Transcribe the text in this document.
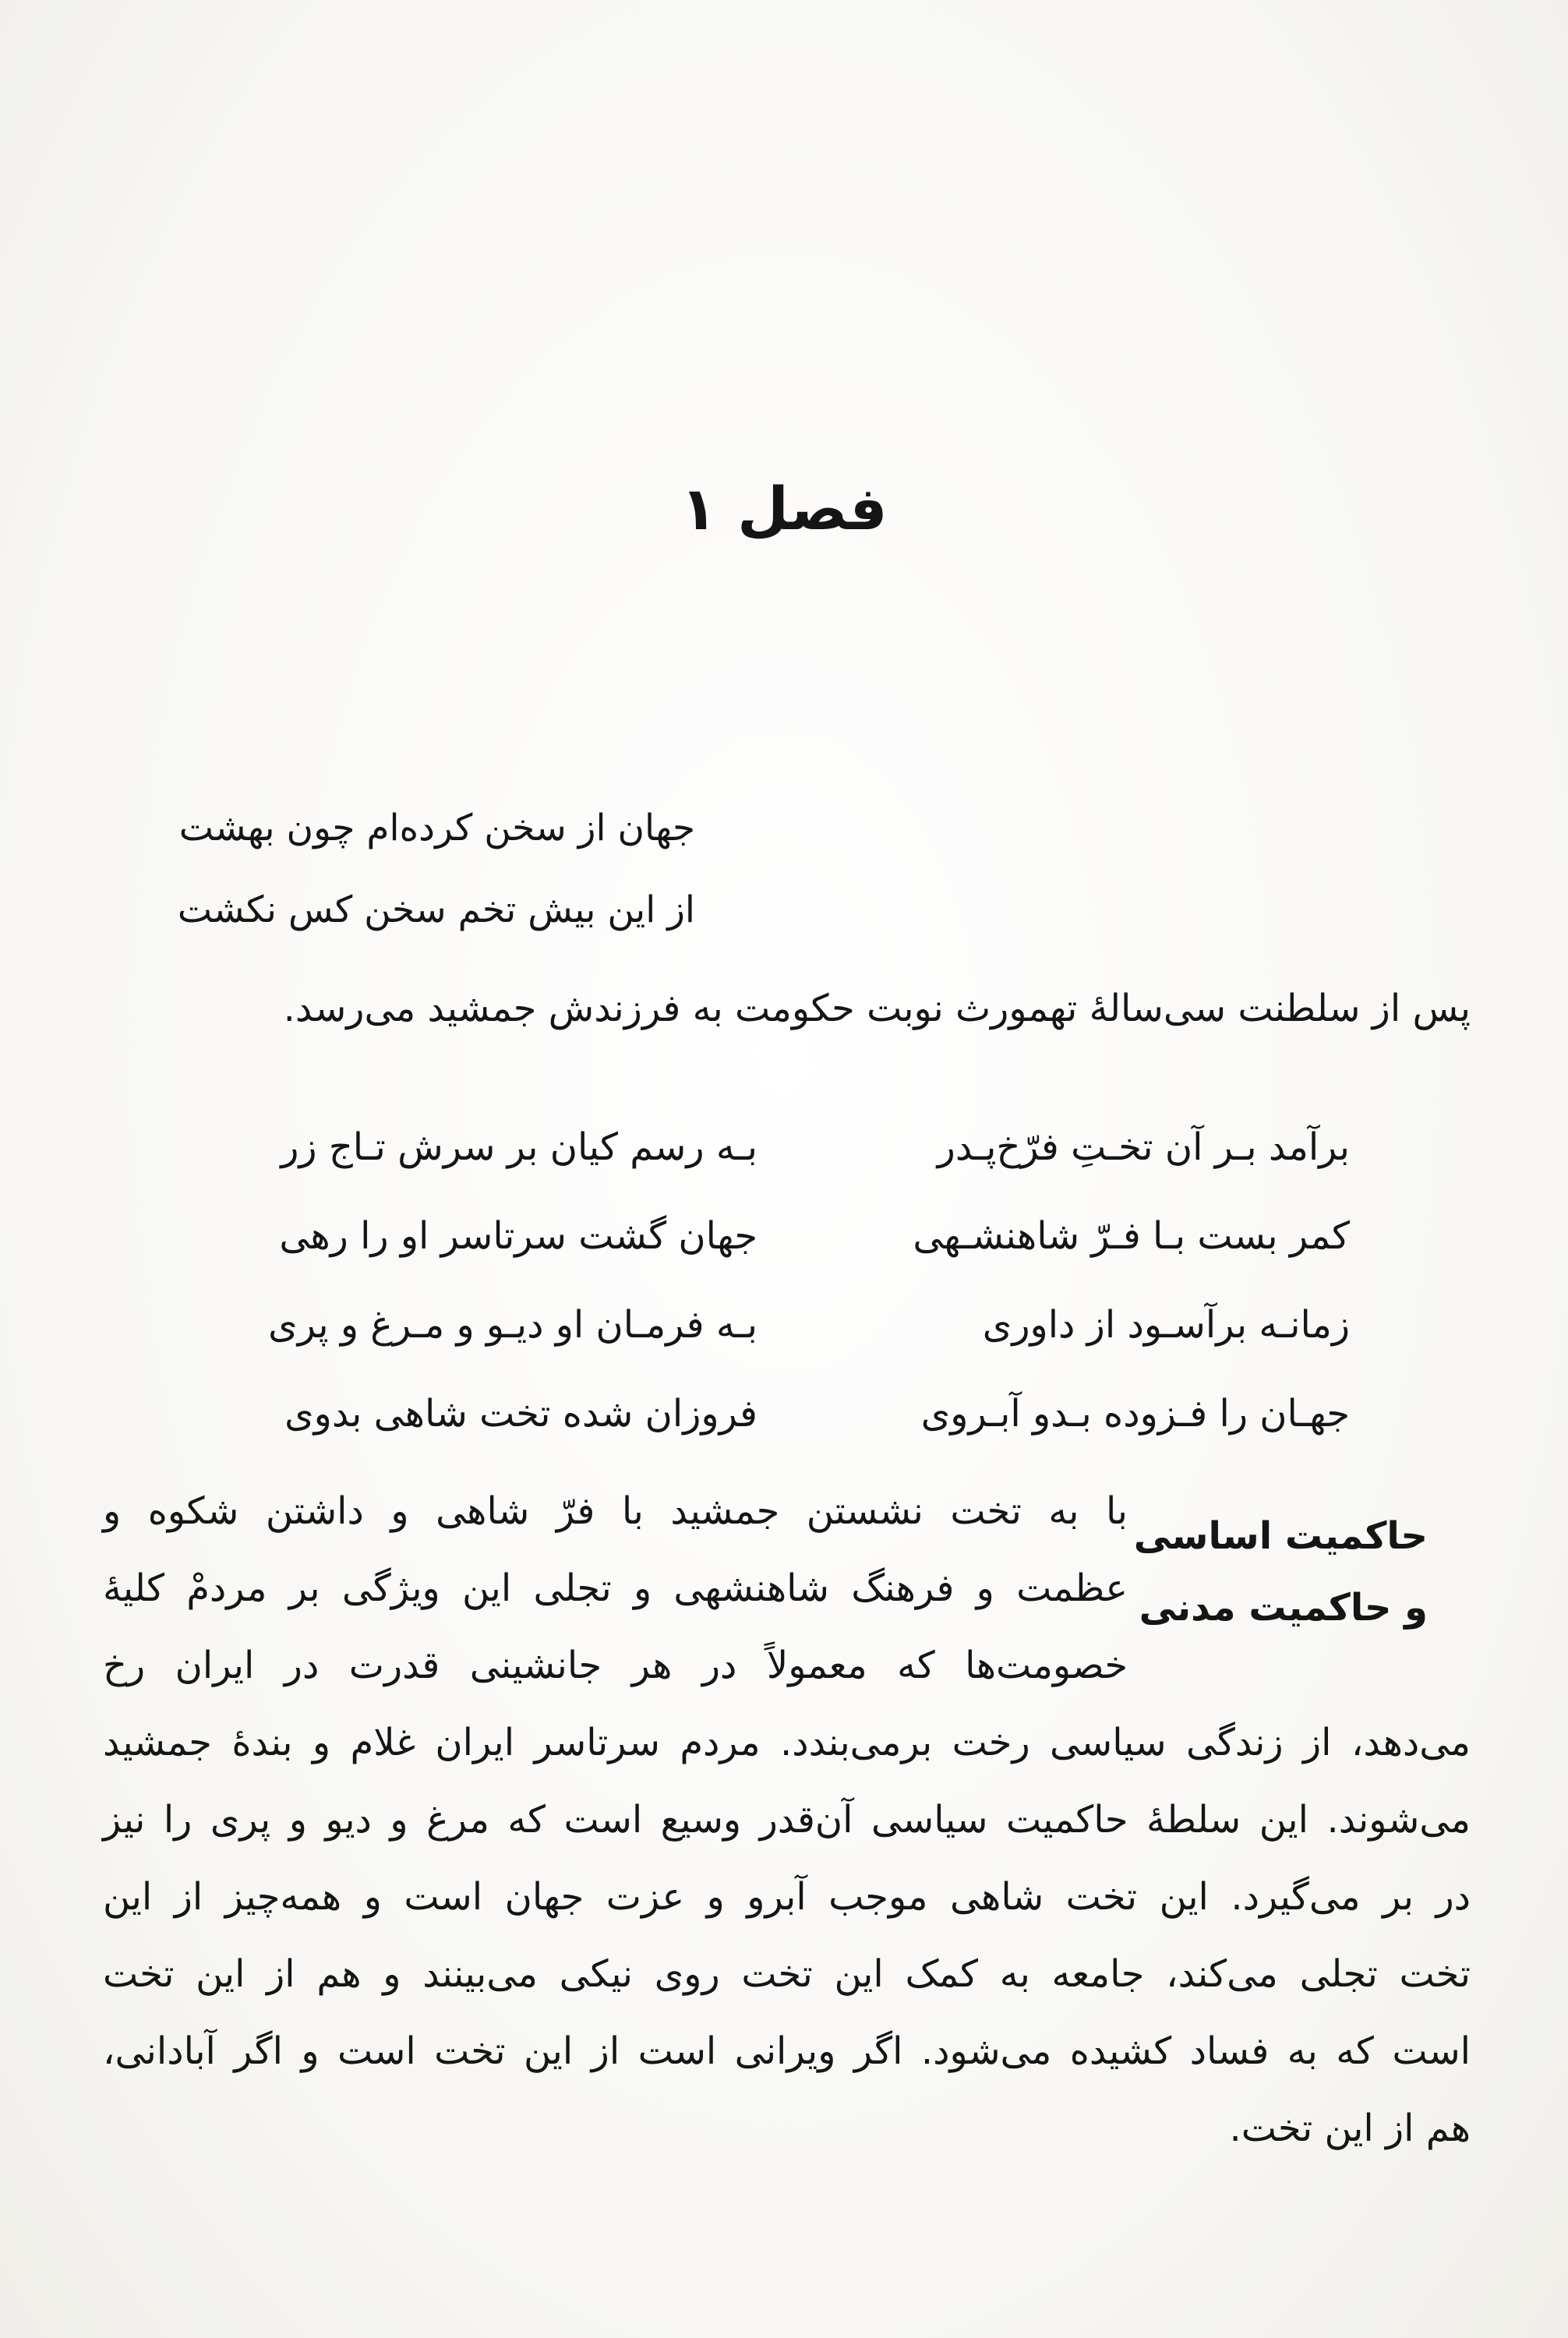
فصل ۱
جهان از سخن کرده‌ام چون بهشت
از این بیش تخم سخن کس نکشت
پس از سلطنت سی‌سالهٔ تهمورث نوبت حکومت به فرزندش جمشید می‌رسد.
برآمد بـر آن تخـتِ فرّخ‌پـدر
بـه رسم کیان بر سرش تـاج زر
کمر بست بـا فـرّ شاهنشـهی
جهان گشت سرتاسر او را رهی
زمانـه برآسـود از داوری
بـه فرمـان او دیـو و مـرغ و پری
جهـان را فـزوده بـدو آبـروی
فروزان شده تخت شاهی بدوی
حاکمیت اساسی
و حاکمیت مدنی
با به تخت نشستن جمشید با فرّ شاهی و داشتن شکوه و
عظمت و فرهنگ شاهنشهی و تجلی این ویژگی بر مردمْ کلیهٔ
خصومت‌ها که معمولاً در هر جانشینی قدرت در ایران رخ
می‌دهد، از زندگی سیاسی رخت برمی‌بندد. مردم سرتاسر ایران غلام و بندهٔ جمشید
می‌شوند. این سلطهٔ حاکمیت سیاسی آن‌قدر وسیع است که مرغ و دیو و پری را نیز
در بر می‌گیرد. این تخت شاهی موجب آبرو و عزت جهان است و همه‌چیز از این
تخت تجلی می‌کند، جامعه به کمک این تخت روی نیکی می‌بینند و هم از این تخت
است که به فساد کشیده می‌شود. اگر ویرانی است از این تخت است و اگر آبادانی،
هم از این تخت.
